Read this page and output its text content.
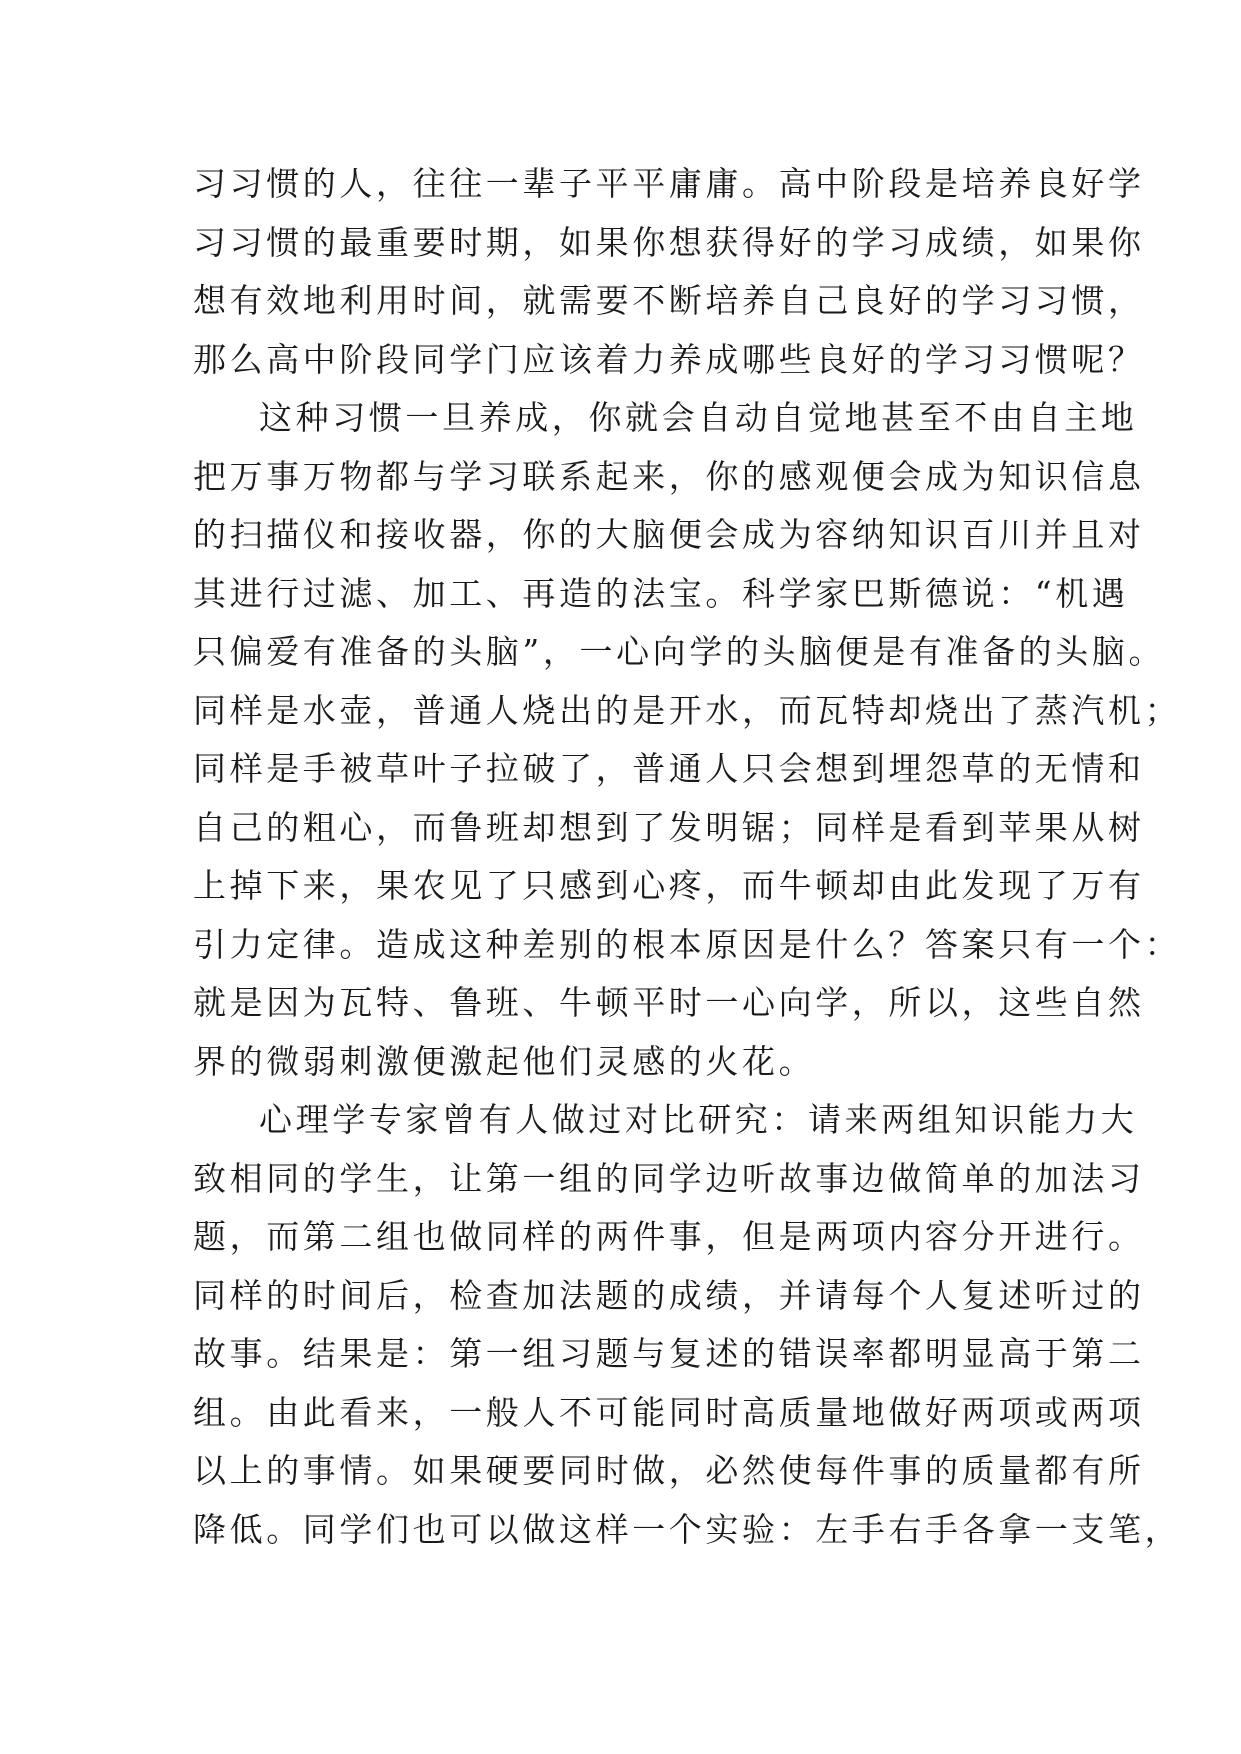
习习惯的人，往往一辈子平平庸庸。高中阶段是培养良好学
习习惯的最重要时期，如果你想获得好的学习成绩，如果你
想有效地利用时间，就需要不断培养自己良好的学习习惯，
那么高中阶段同学门应该着力养成哪些良好的学习习惯呢？
这种习惯一旦养成，你就会自动自觉地甚至不由自主地
把万事万物都与学习联系起来，你的感观便会成为知识信息
的扫描仪和接收器，你的大脑便会成为容纳知识百川并且对
其进行过滤、加工、再造的法宝。科学家巴斯德说：“机遇
只偏爱有准备的头脑”，一心向学的头脑便是有准备的头脑。
同样是水壶，普通人烧出的是开水，而瓦特却烧出了蒸汽机；
同样是手被草叶子拉破了，普通人只会想到埋怨草的无情和
自己的粗心，而鲁班却想到了发明锯；同样是看到苹果从树
上掉下来，果农见了只感到心疼，而牛顿却由此发现了万有
引力定律。造成这种差别的根本原因是什么？答案只有一个：
就是因为瓦特、鲁班、牛顿平时一心向学，所以，这些自然
界的微弱刺激便激起他们灵感的火花。
心理学专家曾有人做过对比研究：请来两组知识能力大
致相同的学生，让第一组的同学边听故事边做简单的加法习
题，而第二组也做同样的两件事，但是两项内容分开进行。
同样的时间后，检查加法题的成绩，并请每个人复述听过的
故事。结果是：第一组习题与复述的错误率都明显高于第二
组。由此看来，一般人不可能同时高质量地做好两项或两项
以上的事情。如果硬要同时做，必然使每件事的质量都有所
降低。同学们也可以做这样一个实验：左手右手各拿一支笔，
